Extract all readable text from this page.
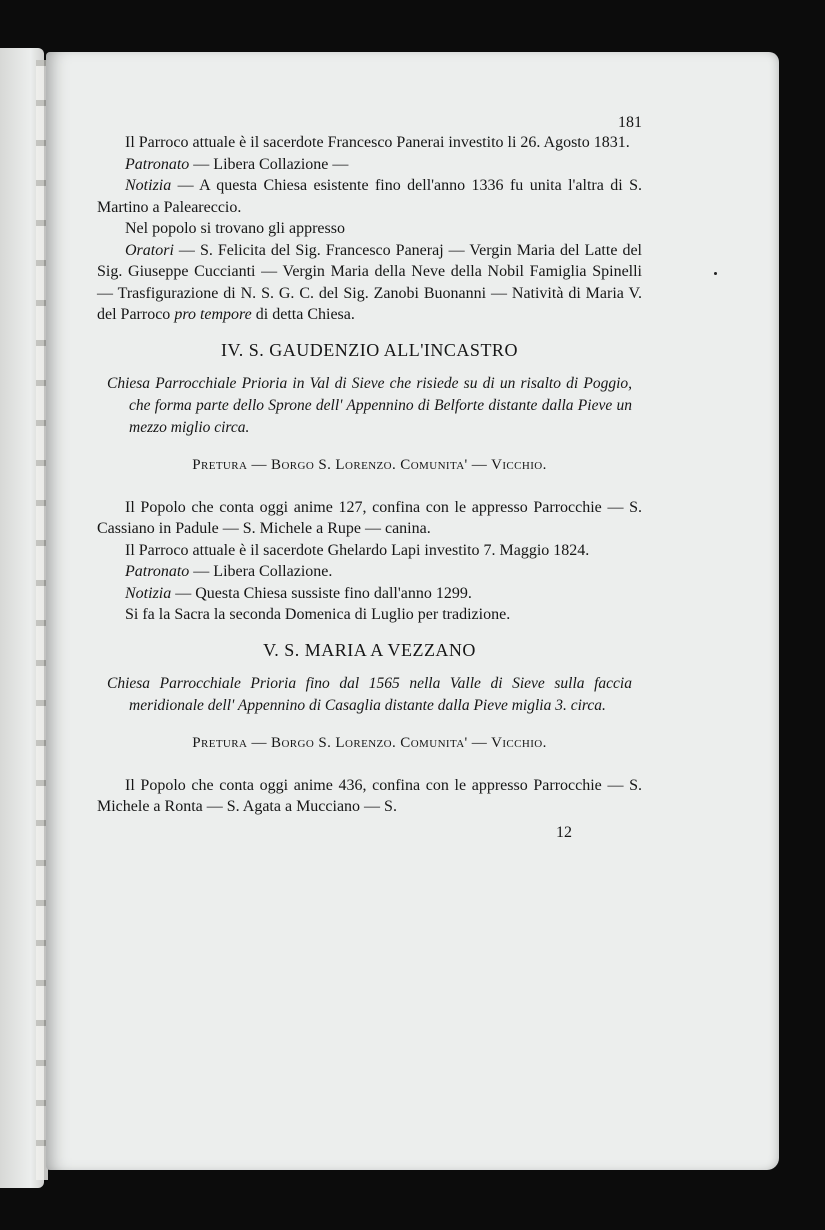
181

Il Parroco attuale è il sacerdote Francesco Panerai investito li 26. Agosto 1831.

Patronato — Libera Collazione —

Notizia — A questa Chiesa esistente fino dell'anno 1336 fu unita l'altra di S. Martino a Paleareccio.

Nel popolo si trovano gli appresso

Oratori — S. Felicita del Sig. Francesco Paneraj — Vergin Maria del Latte del Sig. Giuseppe Cuccianti — Vergin Maria della Neve della Nobil Famiglia Spinelli — Trasfigurazione di N. S. G. C. del Sig. Zanobi Buonanni — Natività di Maria V. del Parroco pro tempore di detta Chiesa.

IV. S. GAUDENZIO ALL'INCASTRO

Chiesa Parrocchiale Prioria in Val di Sieve che risiede su di un risalto di Poggio, che forma parte dello Sprone dell' Appennino di Belforte distante dalla Pieve un mezzo miglio circa.

Pretura — Borgo S. Lorenzo. Comunita' — Vicchio.

Il Popolo che conta oggi anime 127, confina con le appresso Parrocchie — S. Cassiano in Padule — S. Michele a Rupe — canina.

Il Parroco attuale è il sacerdote Ghelardo Lapi investito 7. Maggio 1824.

Patronato — Libera Collazione.

Notizia — Questa Chiesa sussiste fino dall'anno 1299.

Si fa la Sacra la seconda Domenica di Luglio per tradizione.

V. S. MARIA A VEZZANO

Chiesa Parrocchiale Prioria fino dal 1565 nella Valle di Sieve sulla faccia meridionale dell' Appennino di Casaglia distante dalla Pieve miglia 3. circa.

Pretura — Borgo S. Lorenzo. Comunita' — Vicchio.

Il Popolo che conta oggi anime 436, confina con le appresso Parrocchie — S. Michele a Ronta — S. Agata a Mucciano — S.

12
